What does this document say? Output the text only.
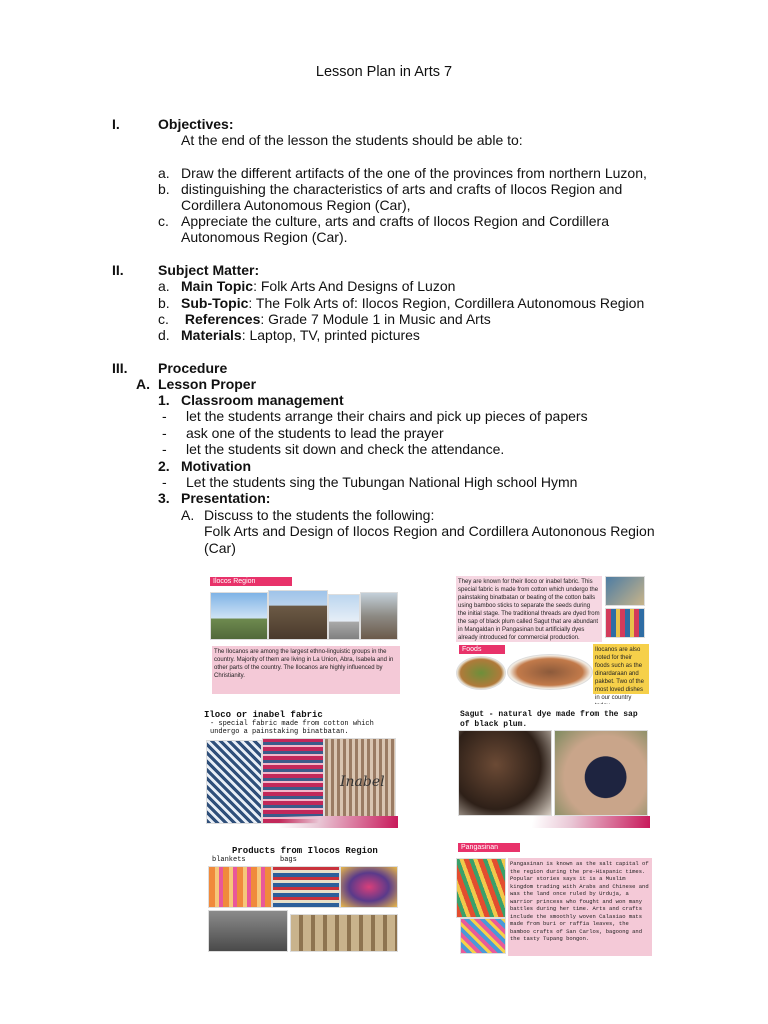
Lesson Plan in Arts 7
I.	Objectives:
At the end of the lesson the students should be able to:
a. Draw the different artifacts of the one of the provinces from northern Luzon,
b. distinguishing the characteristics of arts and crafts of Ilocos Region and
Cordillera Autonomous Region (Car),
c. Appreciate the culture, arts and crafts of Ilocos Region and Cordillera
Autonomous Region (Car).
II. Subject Matter:
a. Main Topic: Folk Arts And Designs of Luzon
b. Sub-Topic: The Folk Arts of: Ilocos Region, Cordillera Autonomous Region
c. References: Grade 7 Module 1 in Music and Arts
d. Materials: Laptop, TV, printed pictures
III. Procedure
A. Lesson Proper
1. Classroom management
- let the students arrange their chairs and pick up pieces of papers
- ask one of the students to lead the prayer
- let the students sit down and check the attendance.
2. Motivation
- Let the students sing the Tubungan National High school Hymn
3. Presentation:
A. Discuss to the students the following:
Folk Arts and Design of Ilocos Region and Cordillera Autononous Region
(Car)
Ilocos Region
The Ilocanos are among the largest ethno-linguistic groups in the country. Majority of them are living in La Union, Abra, Isabela and in other parts of the country. The Ilocanos are highly influenced by Christianity.
They are known for their Iloco or inabel fabric. This special fabric is made from cotton which undergo the painstaking binatbatan or beating of the cotton balls using bamboo sticks to separate the seeds during the initial stage. The traditional threads are dyed from the sap of black plum called Sagut that are abundant in Mangaldan in Pangasinan but artificially dyes already introduced for commercial production.
Foods	Ilocanos are also noted for their foods such as the dinardaraan and pakbet. Two of the most loved dishes in our country
Iloco or inabel fabric
- special fabric made from cotton which undergo a painstaking binatbatan.
Inabel
Sagut - natural dye made from the sap of black plum.
Products from Ilocos Region
blankets	bags
Pangasinan
Pangasinan is known as the salt capital of the region during the pre-Hispanic times. Popular stories says it is a Muslim kingdom trading with Arabs and Chinese and was the land once ruled by Urduja, a warrior princess who fought and won many battles during her time. Arts and crafts include the smoothly woven Calasiao mats made from buri or raffia leaves, the bamboo crafts of San Carlos, bagoong and the tasty Tupang bongon.
